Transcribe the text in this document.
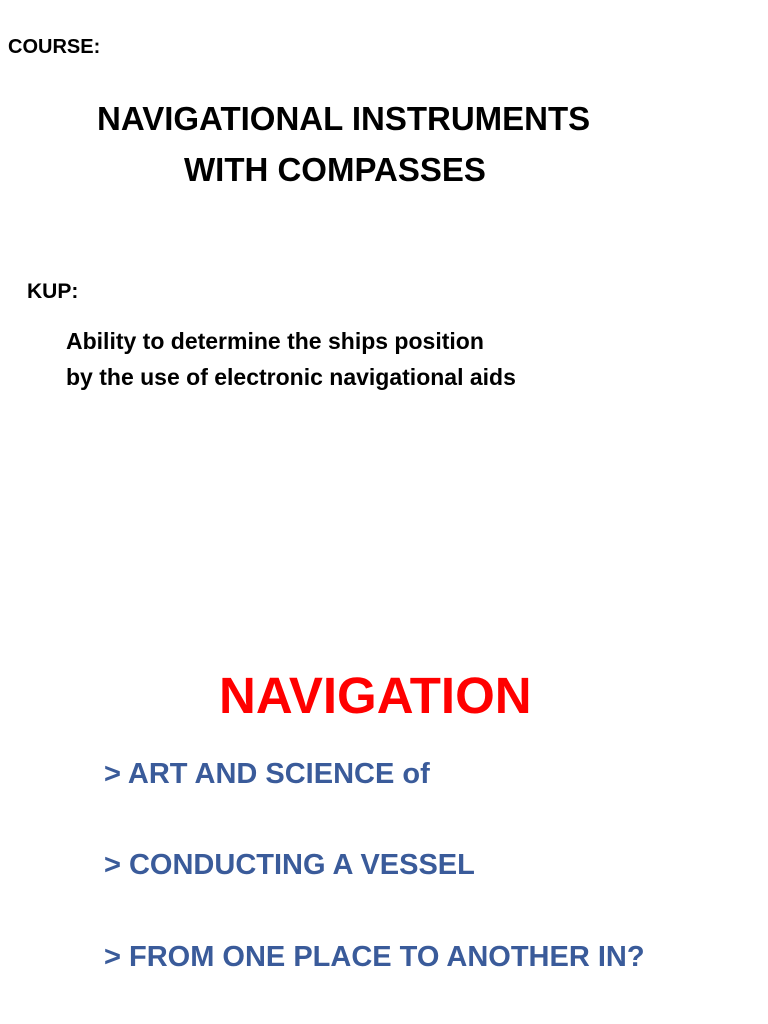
COURSE:
NAVIGATIONAL INSTRUMENTS
WITH COMPASSES
KUP:
Ability to determine the ships position
by the use of electronic navigational aids
NAVIGATION
> ART AND SCIENCE of
> CONDUCTING A VESSEL
> FROM ONE PLACE TO ANOTHER IN?
